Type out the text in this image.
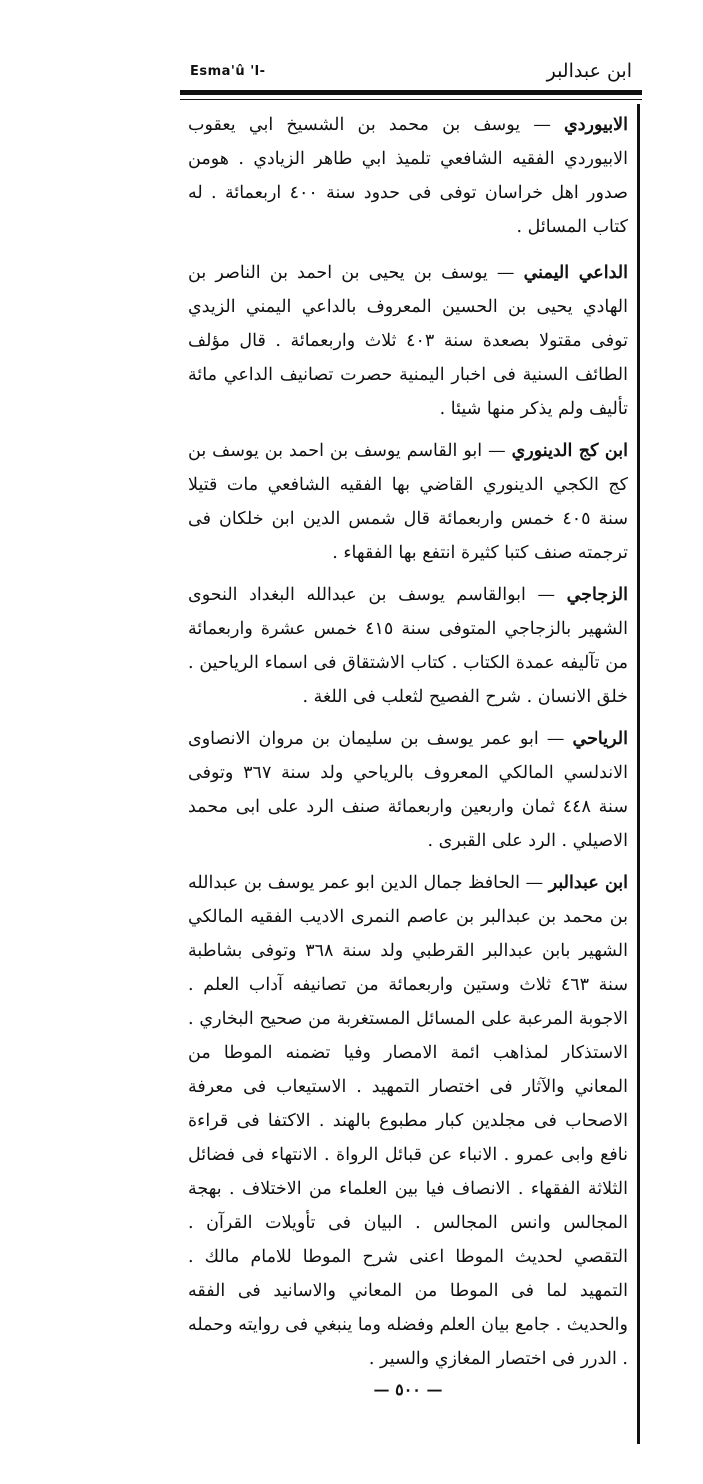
Esma'û 'l-	ابن عبدالبر

الابيوردي — يوسف بن محمد بن الشسيخ ابي يعقوب الابيوردي الفقيه الشافعي تلميذ ابي طاهر الزيادي . هومن صدور اهل خراسان توفى فى حدود سنة ٤٠٠ اربعمائة . له كتاب المسائل .

الداعي اليمني — يوسف بن يحيى بن احمد بن الناصر بن الهادي يحيى بن الحسين المعروف بالداعي اليمني الزيدي توفى مقتولا بصعدة سنة ٤٠٣ ثلاث واربعمائة . قال مؤلف الطائف السنية فى اخبار اليمنية حصرت تصانيف الداعي مائة تأليف ولم يذكر منها شيئا .

ابن كج الدينوري — ابو القاسم يوسف بن احمد بن يوسف بن كج الكجي الدينوري القاضي بها الفقيه الشافعي مات قتيلا سنة ٤٠٥ خمس واربعمائة قال شمس الدين ابن خلكان فى ترجمته صنف كتبا كثيرة انتفع بها الفقهاء .

الزجاجي — ابوالقاسم يوسف بن عبدالله البغداد النحوى الشهير بالزجاجي المتوفى سنة ٤١٥ خمس عشرة واربعمائة من تآليفه عمدة الكتاب . كتاب الاشتقاق فى اسماء الرياحين . خلق الانسان . شرح الفصيح لثعلب فى اللغة .

الرياحي — ابو عمر يوسف بن سليمان بن مروان الانصاوى الاندلسي المالكي المعروف بالرياحي ولد سنة ٣٦٧ وتوفى سنة ٤٤٨ ثمان واربعين واربعمائة صنف الرد على ابى محمد الاصيلي . الرد على القبرى .

ابن عبدالبر — الحافظ جمال الدين ابو عمر يوسف بن عبدالله بن محمد بن عبدالبر بن عاصم النمرى الاديب الفقيه المالكي الشهير بابن عبدالبر القرطبي ولد سنة ٣٦٨ وتوفى بشاطبة سنة ٤٦٣ ثلاث وستين واربعمائة من تصانيفه آداب العلم . الاجوبة المرعبة على المسائل المستغربة من صحيح البخاري . الاستذكار لمذاهب ائمة الامصار وفيا تضمنه الموطا من المعاني والآثار فى اختصار التمهيد . الاستيعاب فى معرفة الاصحاب فى مجلدين كبار مطبوع بالهند . الاكتفا فى قراءة نافع وابى عمرو . الانباء عن قبائل الرواة . الانتهاء فى فضائل الثلاثة الفقهاء . الانصاف فيا بين العلماء من الاختلاف . بهجة المجالس وانس المجالس . البيان فى تأويلات القرآن . التقصي لحديث الموطا اعنى شرح الموطا للامام مالك . التمهيد لما فى الموطا من المعاني والاسانيد فى الفقه والحديث . جامع بيان العلم وفضله وما ينبغي فى روايته وحمله . الدرر فى اختصار المغازي والسير .

— ٥٠٠ —
